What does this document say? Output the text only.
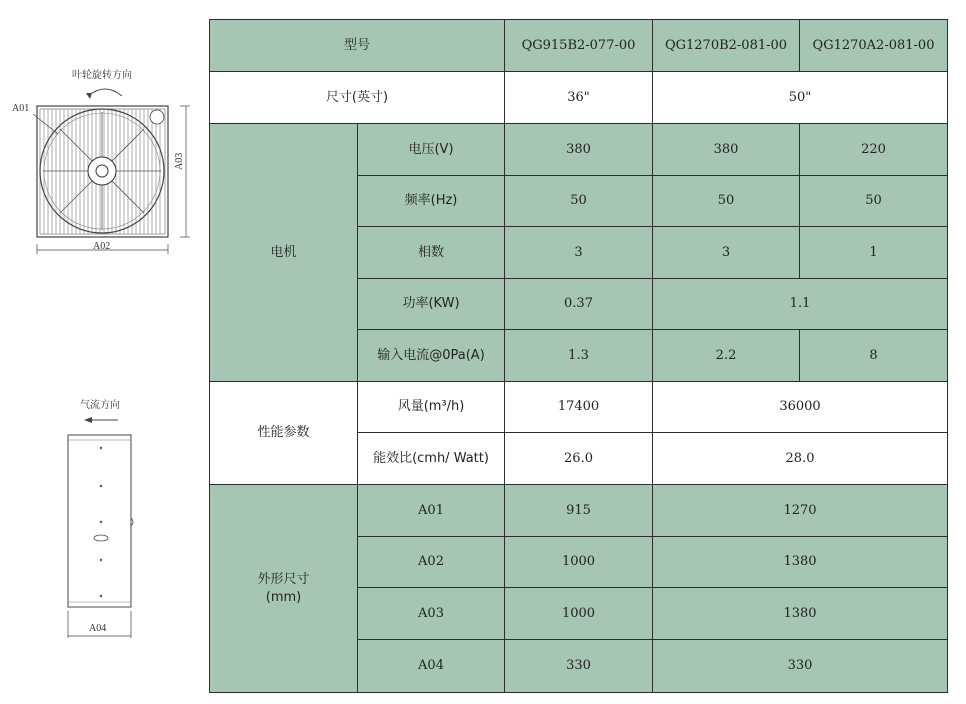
叶轮旋转方向
A01
A02
A03
气流方向
A04
型号		QG915B2-077-00	QG1270B2-081-00	QG1270A2-081-00
尺寸(英寸)		36"	50"	
电机	电压(V)	380	380	220
	频率(Hz)	50	50	50
	相数	3	3	1
	功率(KW)	0.37	1.1	
	输入电流@0Pa(A)	1.3	2.2	8
性能参数	风量(m³/h)	17400	36000	
	能效比(cmh/ Watt)	26.0	28.0	

外形尺寸
(mm)	A01	915	1270	
	A02	1000	1380	
	A03	1000	1380	
	A04	330	330	
